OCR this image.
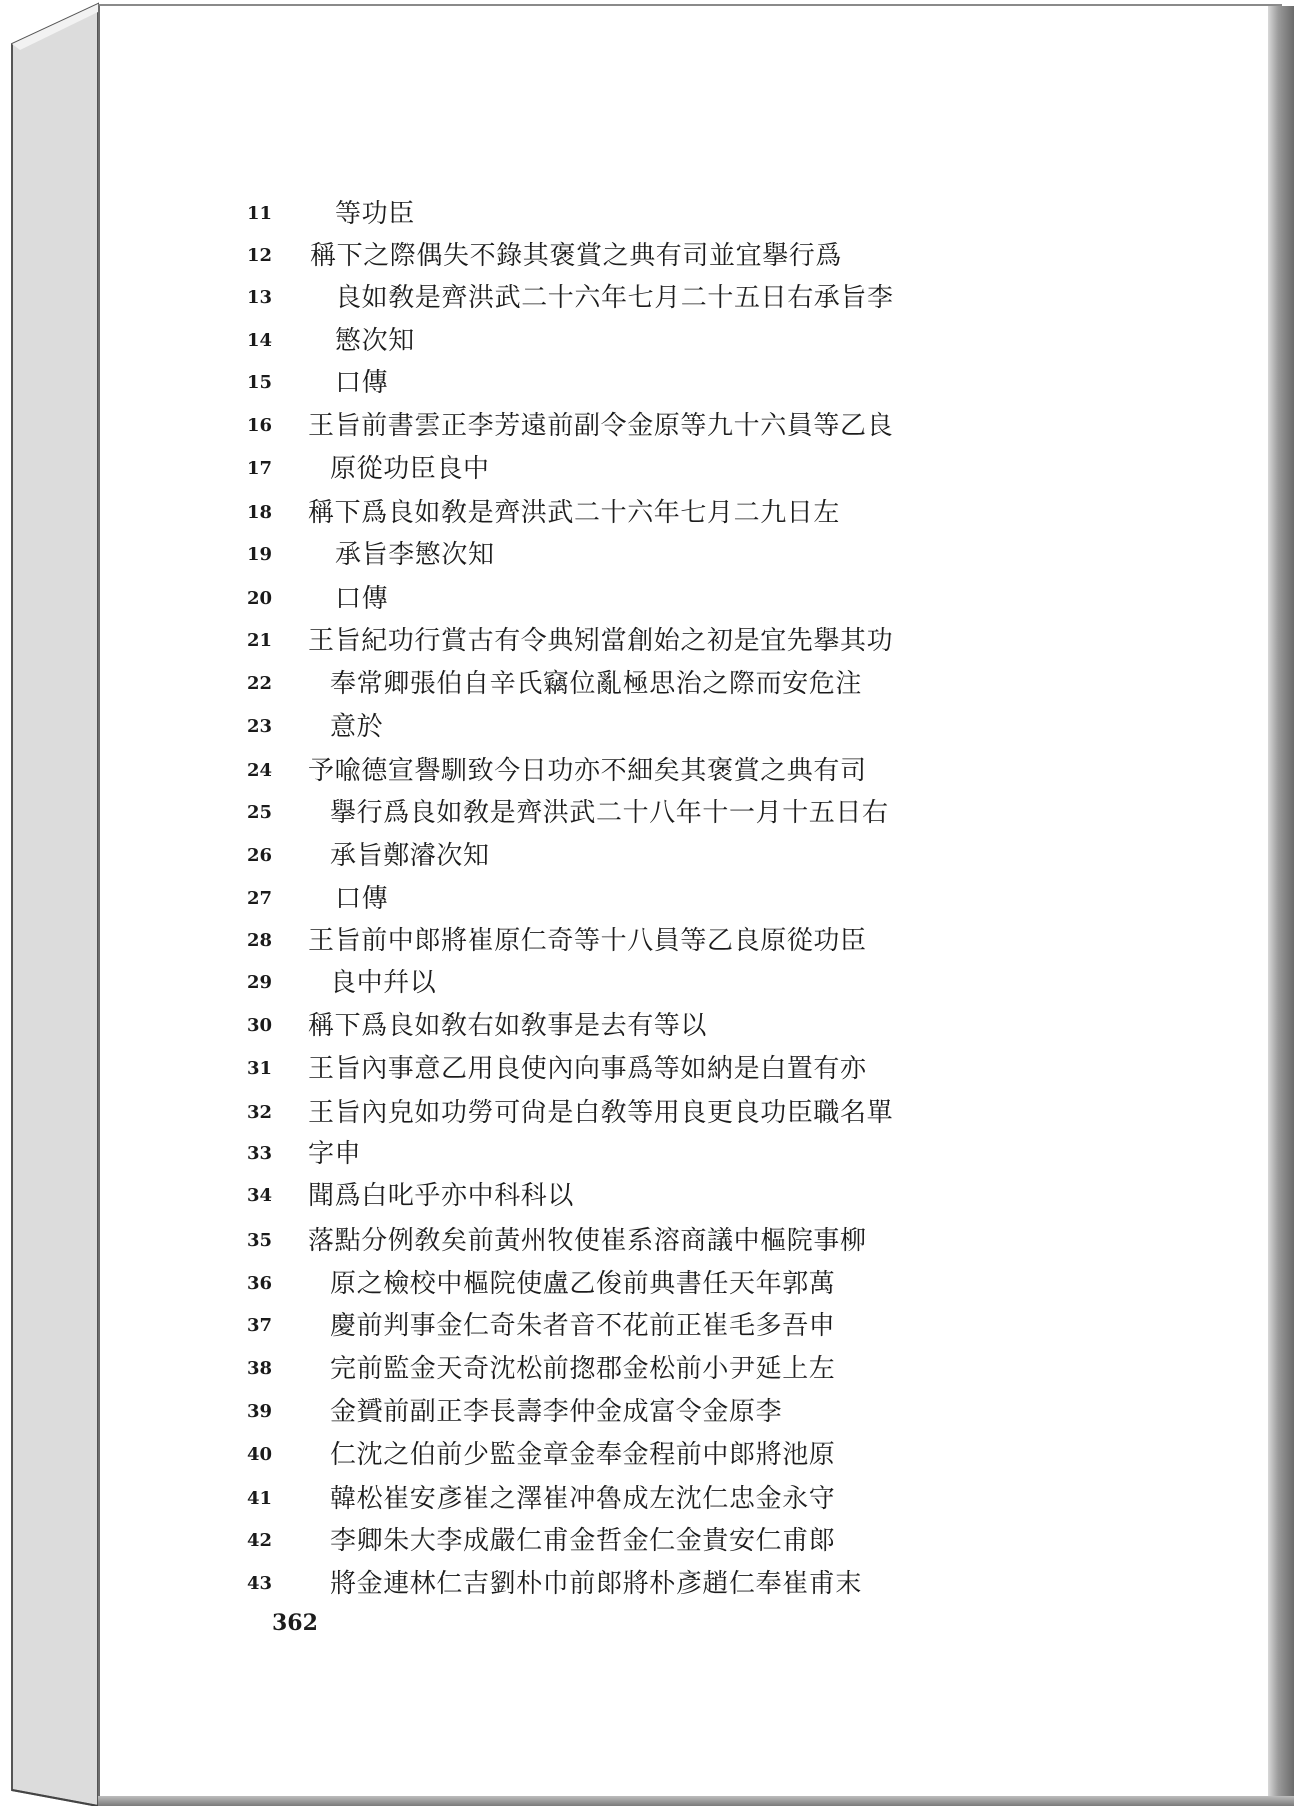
11	等功臣
12	稱下之際偶失不錄其褒賞之典有司並宜擧行爲
13	良如敎是齊洪武二十六年七月二十五日右承旨李
14	慜次知
15	口傳
16	王旨前書雲正李芳遠前副令金原等九十六員等乙良
17	原從功臣良中
18	稱下爲良如敎是齊洪武二十六年七月二九日左
19	承旨李慜次知
20	口傳
21	王旨紀功行賞古有令典矧當創始之初是宜先擧其功
22	奉常卿張伯自辛氏竊位亂極思治之際而安危注
23	意於
24	予喩德宣譽馴致今日功亦不細矣其褒賞之典有司
25	擧行爲良如敎是齊洪武二十八年十一月十五日右
26	承旨鄭濬次知
27	口傳
28	王旨前中郞將崔原仁奇等十八員等乙良原從功臣
29	良中幷以
30	稱下爲良如敎右如敎事是去有等以
31	王旨內事意乙用良使內向事爲等如納是白置有亦
32	王旨內皃如功勞可尙是白敎等用良更良功臣職名單
33	字申
34	聞爲白叱乎亦中科科以
35	落點分例敎矣前黃州牧使崔系溶商議中樞院事柳
36	原之檢校中樞院使盧乙俊前典書任天年郭萬
37	慶前判事金仁奇朱者音不花前正崔毛多吾申
38	完前監金天奇沈松前揔郡金松前小尹延上左
39	金贇前副正李長壽李仲金成富令金原李
40	仁沈之伯前少監金章金奉金程前中郞將池原
41	韓松崔安彥崔之澤崔冲魯成左沈仁忠金永守
42	李卿朱大李成嚴仁甫金哲金仁金貴安仁甫郞
43	將金連林仁吉劉朴巾前郞將朴彥趙仁奉崔甫末
362
